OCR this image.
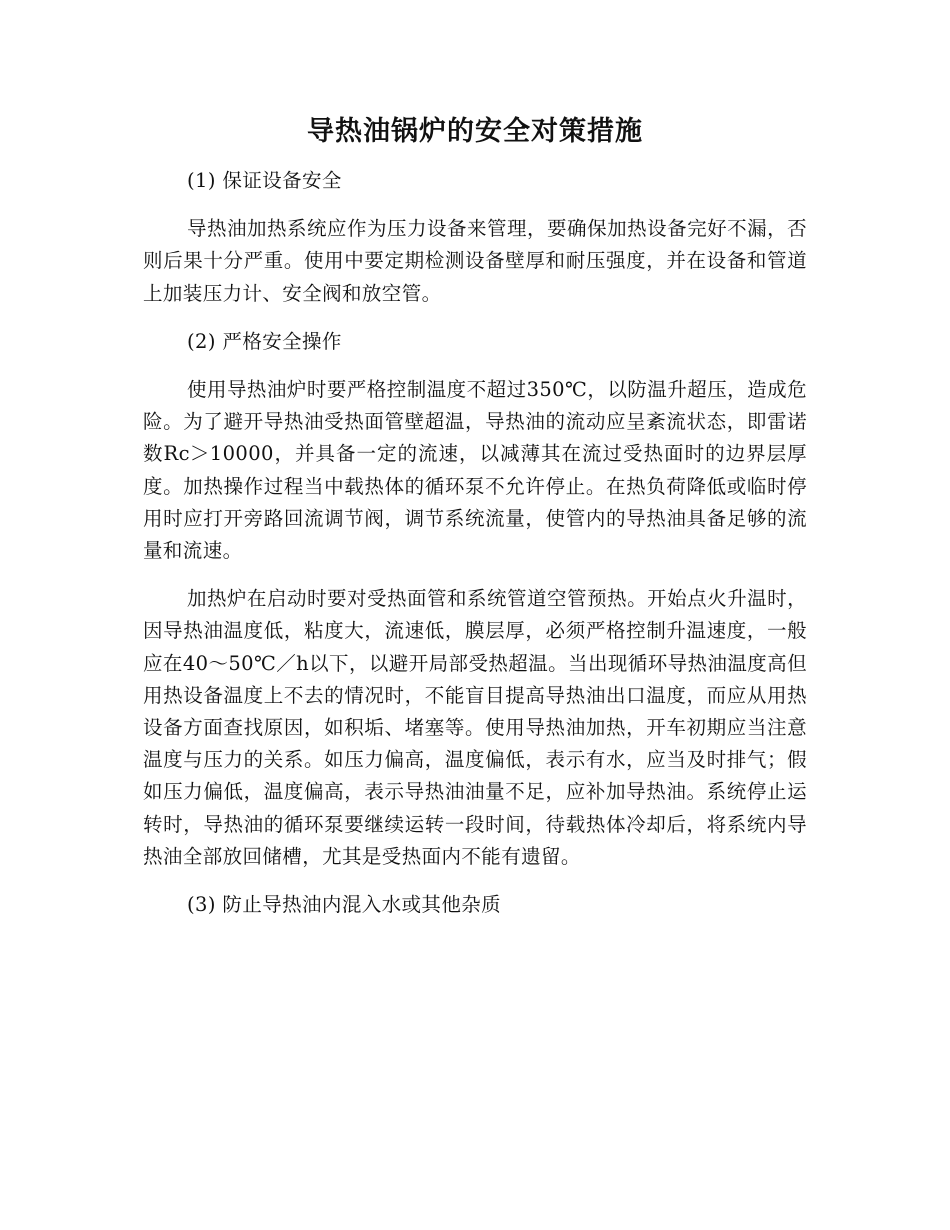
导热油锅炉的安全对策措施

(1) 保证设备安全

导热油加热系统应作为压力设备来管理，要确保加热设备完好不漏，否则后果十分严重。使用中要定期检测设备壁厚和耐压强度，并在设备和管道上加装压力计、安全阀和放空管。

(2) 严格安全操作

使用导热油炉时要严格控制温度不超过350℃，以防温升超压，造成危险。为了避开导热油受热面管壁超温，导热油的流动应呈紊流状态，即雷诺数Rc＞10000，并具备一定的流速，以减薄其在流过受热面时的边界层厚度。加热操作过程当中载热体的循环泵不允许停止。在热负荷降低或临时停用时应打开旁路回流调节阀，调节系统流量，使管内的导热油具备足够的流量和流速。

加热炉在启动时要对受热面管和系统管道空管预热。开始点火升温时，因导热油温度低，粘度大，流速低，膜层厚，必须严格控制升温速度，一般应在40～50℃／h以下，以避开局部受热超温。当出现循环导热油温度高但用热设备温度上不去的情况时，不能盲目提高导热油出口温度，而应从用热设备方面查找原因，如积垢、堵塞等。使用导热油加热，开车初期应当注意温度与压力的关系。如压力偏高，温度偏低，表示有水，应当及时排气；假如压力偏低，温度偏高，表示导热油油量不足，应补加导热油。系统停止运转时，导热油的循环泵要继续运转一段时间，待载热体冷却后，将系统内导热油全部放回储槽，尤其是受热面内不能有遗留。

(3) 防止导热油内混入水或其他杂质
